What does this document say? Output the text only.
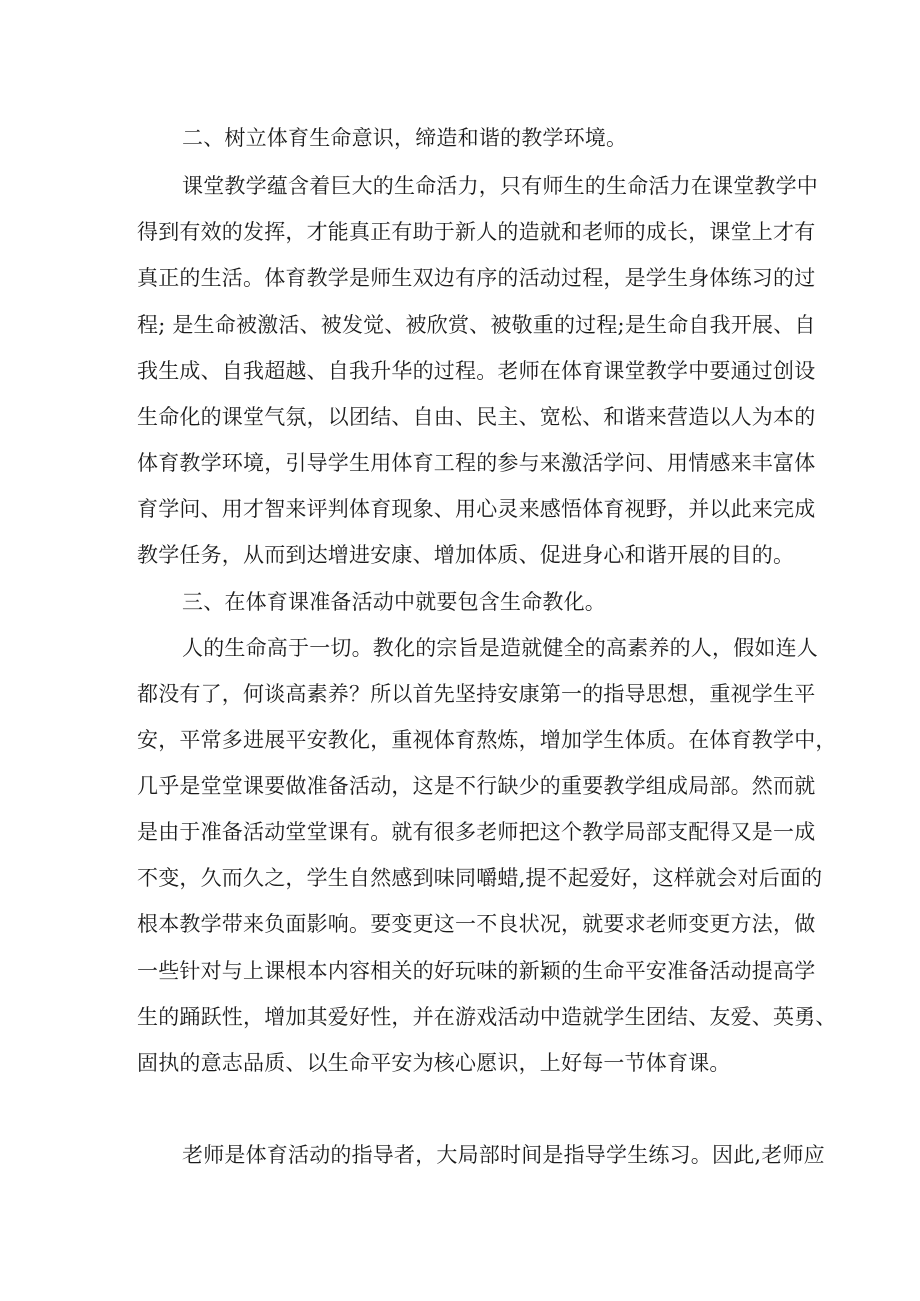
二、树立体育生命意识，缔造和谐的教学环境。
课堂教学蕴含着巨大的生命活力，只有师生的生命活力在课堂教学中
得到有效的发挥，才能真正有助于新人的造就和老师的成长，课堂上才有
真正的生活。体育教学是师生双边有序的活动过程，是学生身体练习的过
程; 是生命被激活、被发觉、被欣赏、被敬重的过程;是生命自我开展、自
我生成、自我超越、自我升华的过程。老师在体育课堂教学中要通过创设
生命化的课堂气氛，以团结、自由、民主、宽松、和谐来营造以人为本的
体育教学环境，引导学生用体育工程的参与来激活学问、用情感来丰富体
育学问、用才智来评判体育现象、用心灵来感悟体育视野，并以此来完成
教学任务，从而到达增进安康、增加体质、促进身心和谐开展的目的。
三、在体育课准备活动中就要包含生命教化。
人的生命高于一切。教化的宗旨是造就健全的高素养的人，假如连人
都没有了，何谈高素养？所以首先坚持安康第一的指导思想，重视学生平
安，平常多进展平安教化，重视体育熬炼，增加学生体质。在体育教学中，
几乎是堂堂课要做准备活动，这是不行缺少的重要教学组成局部。然而就
是由于准备活动堂堂课有。就有很多老师把这个教学局部支配得又是一成
不变，久而久之，学生自然感到味同嚼蜡,提不起爱好，这样就会对后面的
根本教学带来负面影响。要变更这一不良状况，就要求老师变更方法，做
一些针对与上课根本内容相关的好玩味的新颖的生命平安准备活动提高学
生的踊跃性，增加其爱好性，并在游戏活动中造就学生团结、友爱、英勇、
固执的意志品质、以生命平安为核心愿识，上好每一节体育课。
老师是体育活动的指导者，大局部时间是指导学生练习。因此,老师应
